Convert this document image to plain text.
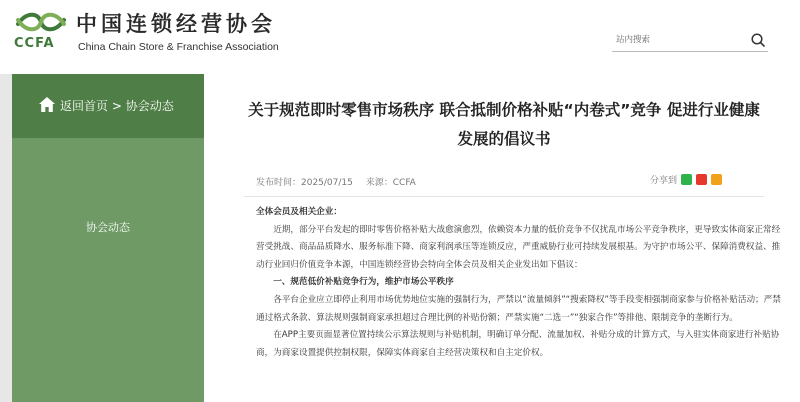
CCFA
中国连锁经营协会
China Chain Store & Franchise Association
站内搜索
返回首页 > 协会动态
协会动态
关于规范即时零售市场秩序 联合抵制价格补贴“内卷式”竞争 促进行业健康
发展的倡议书
发布时间：2025/07/15 来源：CCFA	分享到

全体会员及相关企业：

近期，部分平台发起的即时零售价格补贴大战愈演愈烈，依赖资本力量的低价竞争不仅扰乱市场公平竞争秩序，更导致实体商家正常经营受挑战、商品品质降水、服务标准下降、商家利润承压等连锁反应，严重威胁行业可持续发展根基。为守护市场公平、保障消费权益、推动行业回归价值竞争本源，中国连锁经营协会特向全体会员及相关企业发出如下倡议：

一、规范低价补贴竞争行为，维护市场公平秩序

各平台企业应立即停止利用市场优势地位实施的强制行为，严禁以“流量倾斜”“搜索降权”等手段变相强制商家参与价格补贴活动；严禁通过格式条款、算法规则强制商家承担超过合理比例的补贴份额；严禁实施“二选一”“独家合作”等排他、限制竞争的垄断行为。

在APP主要页面显著位置持续公示算法规则与补贴机制，明确订单分配、流量加权、补贴分成的计算方式，与入驻实体商家进行补贴协商，为商家设置提供控制权限，保障实体商家自主经营决策权和自主定价权。
